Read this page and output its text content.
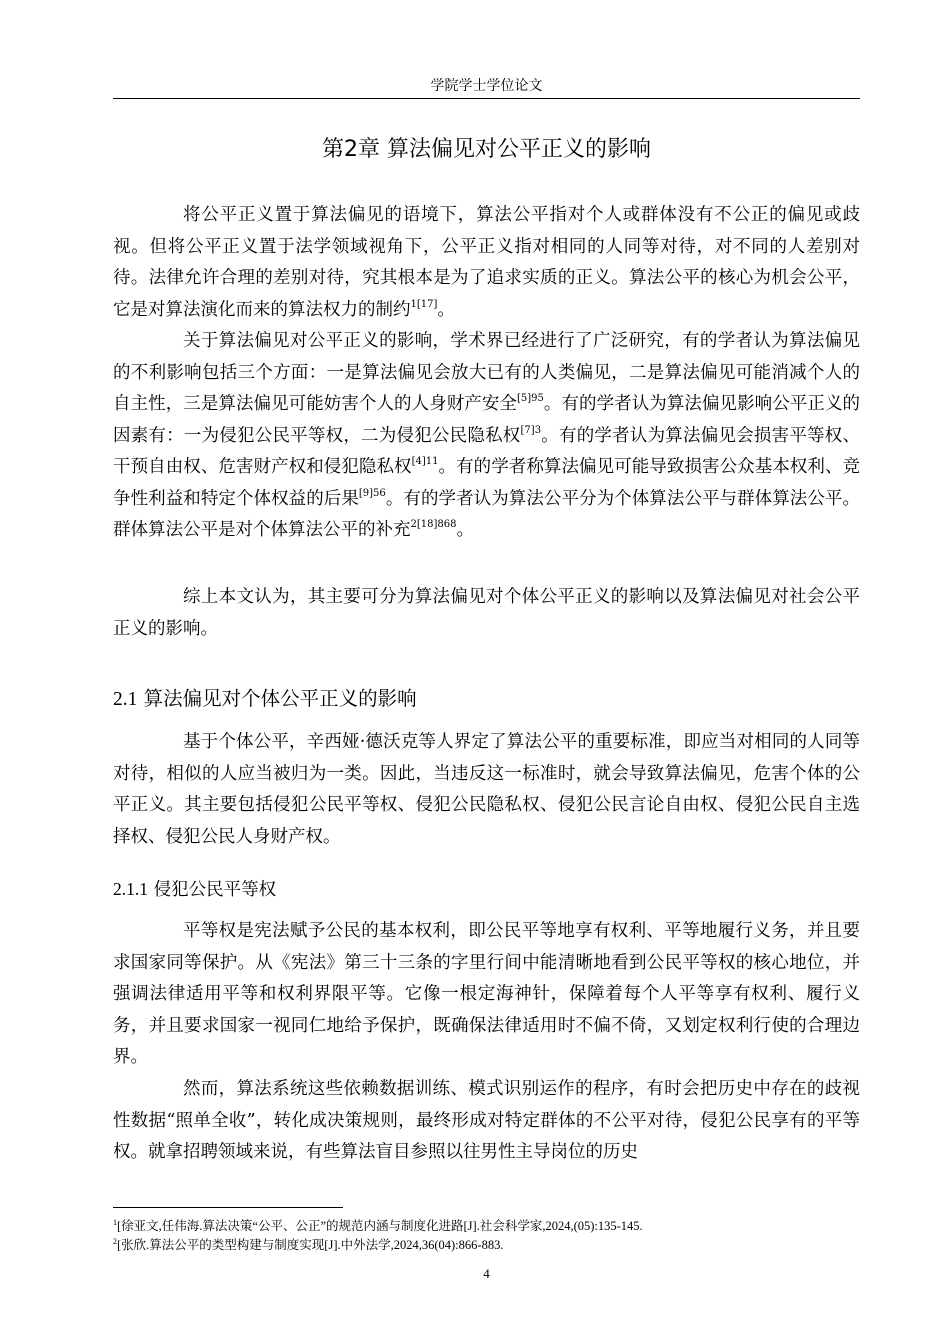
学院学士学位论文
第2章 算法偏见对公平正义的影响

将公平正义置于算法偏见的语境下，算法公平指对个人或群体没有不公正的偏见或歧视。但将公平正义置于法学领域视角下，公平正义指对相同的人同等对待，对不同的人差别对待。法律允许合理的差别对待，究其根本是为了追求实质的正义。算法公平的核心为机会公平，它是对算法演化而来的算法权力的制约$^{1[17]}$。

关于算法偏见对公平正义的影响，学术界已经进行了广泛研究，有的学者认为算法偏见的不利影响包括三个方面：一是算法偏见会放大已有的人类偏见，二是算法偏见可能消减个人的自主性，三是算法偏见可能妨害个人的人身财产安全$^{[5]95}$。有的学者认为算法偏见影响公平正义的因素有：一为侵犯公民平等权，二为侵犯公民隐私权$^{[7]3}$。有的学者认为算法偏见会损害平等权、干预自由权、危害财产权和侵犯隐私权$^{[4]11}$。有的学者称算法偏见可能导致损害公众基本权利、竞争性利益和特定个体权益的后果$^{[9]56}$。有的学者认为算法公平分为个体算法公平与群体算法公平。群体算法公平是对个体算法公平的补充$^{2[18]868}$。

综上本文认为，其主要可分为算法偏见对个体公平正义的影响以及算法偏见对社会公平正义的影响。

2.1 算法偏见对个体公平正义的影响

基于个体公平，辛西娅·德沃克等人界定了算法公平的重要标准，即应当对相同的人同等对待，相似的人应当被归为一类。因此，当违反这一标准时，就会导致算法偏见，危害个体的公平正义。其主要包括侵犯公民平等权、侵犯公民隐私权、侵犯公民言论自由权、侵犯公民自主选择权、侵犯公民人身财产权。

2.1.1 侵犯公民平等权

平等权是宪法赋予公民的基本权利，即公民平等地享有权利、平等地履行义务，并且要求国家同等保护。从《宪法》第三十三条的字里行间中能清晰地看到公民平等权的核心地位，并强调法律适用平等和权利界限平等。它像一根定海神针，保障着每个人平等享有权利、履行义务，并且要求国家一视同仁地给予保护，既确保法律适用时不偏不倚，又划定权利行使的合理边界。

然而，算法系统这些依赖数据训练、模式识别运作的程序，有时会把历史中存在的歧视性数据“照单全收”，转化成决策规则，最终形成对特定群体的不公平对待，侵犯公民享有的平等权。就拿招聘领域来说，有些算法盲目参照以往男性主导岗位的历史

$^1$[徐亚文,任伟海.算法决策“公平、公正”的规范内涵与制度化进路[J].社会科学家,2024,(05):135-145.
$^2$[张欣.算法公平的类型构建与制度实现[J].中外法学,2024,36(04):866-883.
4
